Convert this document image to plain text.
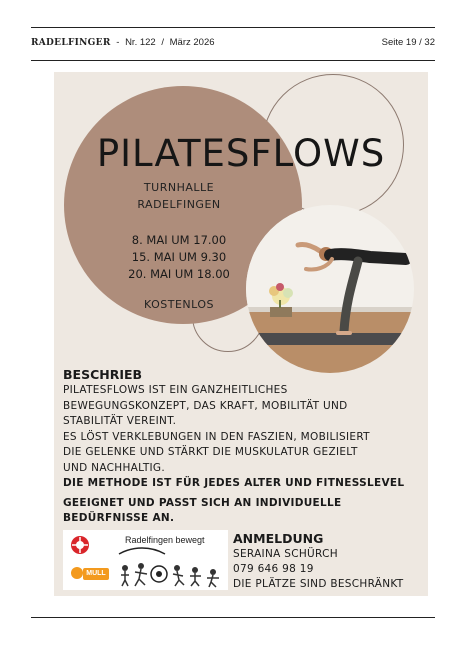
RADELFINGER - Nr. 122 / März 2026	Seite 19 / 32
PILATESFLOWS
TURNHALLE
RADELFINGEN
8. MAI UM 17.00
15. MAI UM 9.30
20. MAI UM 18.00
KOSTENLOS
BESCHRIEB
PILATESFLOWS IST EIN GANZHEITLICHES
BEWEGUNGSKONZEPT, DAS KRAFT, MOBILITÄT UND
STABILITÄT VEREINT.
ES LÖST VERKLEBUNGEN IN DEN FASZIEN, MOBILISIERT
DIE GELENKE UND STÄRKT DIE MUSKULATUR GEZIELT
UND NACHHALTIG.
DIE METHODE IST FÜR JEDES ALTER UND FITNESSLEVEL
GEEIGNET UND PASST SICH AN INDIVIDUELLE
BEDÜRFNISSE AN.
Radelfingen bewegt
MULL
ANMELDUNG
SERAINA SCHÜRCH
079 646 98 19
DIE PLÄTZE SIND BESCHRÄNKT
